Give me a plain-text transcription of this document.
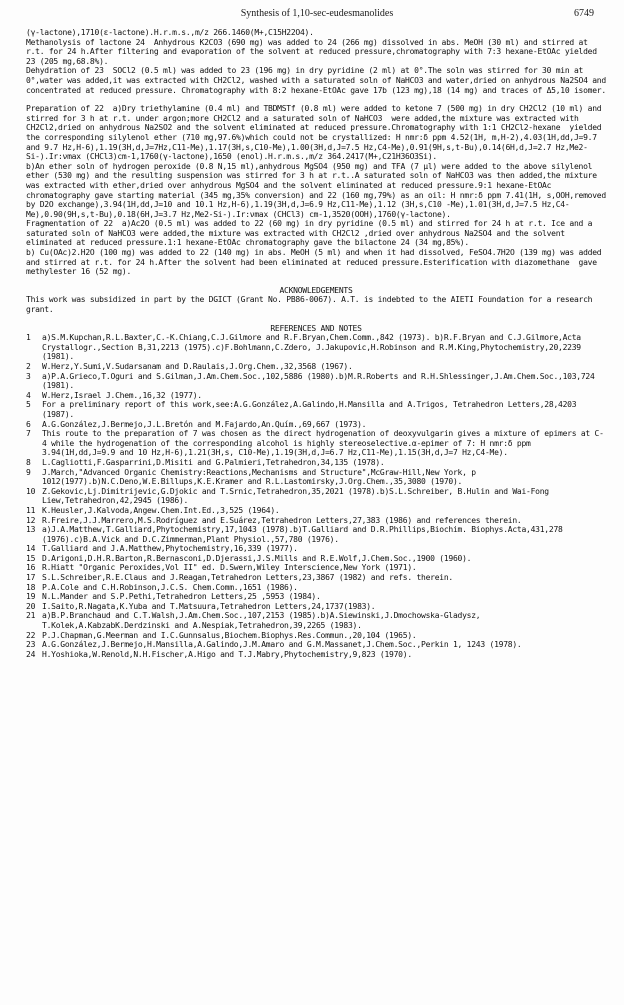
Synthesis of 1,10-sec-eudesmanolides	6749

(γ-lactone),1710(ε-lactone).H.r.m.s.,m/z 266.1460(M+,C15H22O4).

Methanolysis of lactone 24  Anhydrous K2CO3 (690 mg) was added to 24 (266 mg) dissolved in abs. MeOH (30 ml) and stirred at r.t. for 24 h.After filtering and evaporation of the solvent at reduced pressure,chromatography with 7:3 hexane-EtOAc yielded 23 (205 mg,68.8%).

Dehydration of 23  SOCl2 (0.5 ml) was added to 23 (196 mg) in dry pyridine (2 ml) at 0°.The soln was stirred for 30 min at 0°,water was added,it was extracted with CH2Cl2, washed with a saturated soln of NaHCO3 and water,dried on anhydrous Na2SO4 and concentrated at reduced pressure. Chromatography with 8:2 hexane-EtOAc gave 17b (123 mg),18 (14 mg) and traces of Δ5,10 isomer.

Preparation of 22  a)Dry triethylamine (0.4 ml) and TBDMSTf (0.8 ml) were added to ketone 7 (500 mg) in dry CH2Cl2 (10 ml) and stirred for 3 h at r.t. under argon;more CH2Cl2 and a saturated soln of NaHCO3  were added,the mixture was extracted with CH2Cl2,dried on anhydrous Na2SO2 and the solvent eliminated at reduced pressure.Chromatography with 1:1 CH2Cl2-hexane  yielded the corresponding silylenol ether (710 mg,97.6%)which could not be crystallized: H nmr:δ ppm 4.52(1H, m,H-2),4.03(1H,dd,J=9.7 and 9.7 Hz,H-6),1.19(3H,d,J=7Hz,C11-Me),1.17(3H,s,C10-Me),1.00(3H,d,J=7.5 Hz,C4-Me),0.91(9H,s,t-Bu),0.14(6H,d,J=2.7 Hz,Me2-Si-).Ir:νmax (CHCl3)cm-1,1760(γ-lactone),1650 (enol).H.r.m.s.,m/z 364.2417(M+,C21H36O3Si).

b)An ether soln of hydrogen peroxide (0.8 N,15 ml),anhydrous MgSO4 (950 mg) and TFA (7 μl) were added to the above silylenol ether (530 mg) and the resulting suspension was stirred for 3 h at r.t..A saturated soln of NaHCO3 was then added,the mixture was extracted with ether,dried over anhydrous MgSO4 and the solvent eliminated at reduced pressure.9:1 hexane-EtOAc chromatography gave starting material (345 mg,35% conversion) and 22 (160 mg,79%) as an oil: H nmr:δ ppm 7.41(1H, s,OOH,removed by D2O exchange),3.94(1H,dd,J=10 and 10.1 Hz,H-6),1.19(3H,d,J=6.9 Hz,C11-Me),1.12 (3H,s,C10 -Me),1.01(3H,d,J=7.5 Hz,C4-Me),0.90(9H,s,t-Bu),0.18(6H,J=3.7 Hz,Me2-Si-).Ir:νmax (CHCl3) cm-1,3520(OOH),1760(γ-lactone).

Fragmentation of 22  a)Ac2O (0.5 ml) was added to 22 (60 mg) in dry pyridine (0.5 ml) and stirred for 24 h at r.t. Ice and a saturated soln of NaHCO3 were added,the mixture was extracted with CH2Cl2 ,dried over anhydrous Na2SO4 and the solvent eliminated at reduced pressure.1:1 hexane-EtOAc chromatography gave the bilactone 24 (34 mg,85%).

b) Cu(OAc)2.H2O (100 mg) was added to 22 (140 mg) in abs. MeOH (5 ml) and when it had dissolved, FeSO4.7H2O (139 mg) was added and stirred at r.t. for 24 h.After the solvent had been eliminated at reduced pressure.Esterification with diazomethane  gave methylester 16 (52 mg).

ACKNOWLEDGEMENTS

This work was subsidized in part by the DGICT (Grant No. PB86-0067). A.T. is indebted to the AIETI Foundation for a research grant.

REFERENCES AND NOTES

1	a)S.M.Kupchan,R.L.Baxter,C.-K.Chiang,C.J.Gilmore and R.F.Bryan,Chem.Comm.,842 (1973). b)R.F.Bryan and C.J.Gilmore,Acta Crystallogr.,Section B,31,2213 (1975).c)F.Bohlmann,C.Zdero, J.Jakupovic,H.Robinson and R.M.King,Phytochemistry,20,2239 (1981).
2	W.Herz,Y.Sumi,V.Sudarsanam and D.Raulais,J.Org.Chem.,32,3568 (1967).
3	a)P.A.Grieco,T.Oguri and S.Gilman,J.Am.Chem.Soc.,102,5886 (1980).b)M.R.Roberts and R.H.Shlessinger,J.Am.Chem.Soc.,103,724 (1981).
4	W.Herz,Israel J.Chem.,16,32 (1977).
5	For a preliminary report of this work,see:A.G.González,A.Galindo,H.Mansilla and A.Trigos, Tetrahedron Letters,28,4203 (1987).
6	A.G.González,J.Bermejo,J.L.Bretón and M.Fajardo,An.Quím.,69,667 (1973).
7	This route to the preparation of 7 was chosen as the direct hydrogenation of deoxyvulgarin gives a mixture of epimers at C-4 while the hydrogenation of the corresponding alcohol is highly stereoselective.α-epimer of 7: H nmr:δ ppm 3.94(1H,dd,J=9.9 and 10 Hz,H-6),1.21(3H,s, C10-Me),1.19(3H,d,J=6.7 Hz,C11-Me),1.15(3H,d,J=7 Hz,C4-Me).
8	L.Cagliotti,F.Gasparrini,D.Misiti and G.Palmieri,Tetrahedron,34,135 (1978).
9	J.March,"Advanced Organic Chemistry:Reactions,Mechanisms and Structure",McGraw-Hill,New York, p 1012(1977).b)N.C.Deno,W.E.Billups,K.E.Kramer and R.L.Lastomirsky,J.Org.Chem.,35,3080 (1970).
10 Z.Gekovic,Lj.Dimitrijevic,G.Djokic and T.Srnic,Tetrahedron,35,2021 (1978).b)S.L.Schreiber, B.Hulin and Wai-Fong Liew,Tetrahedron,42,2945 (1986).
11 K.Heusler,J.Kalvoda,Angew.Chem.Int.Ed.,3,525 (1964).
12 R.Freire,J.J.Marrero,M.S.Rodríguez and E.Suárez,Tetrahedron Letters,27,383 (1986) and references therein.
13 a)J.A.Matthew,T.Galliard,Phytochemistry,17,1043 (1978).b)T.Galliard and D.R.Phillips,Biochim. Biophys.Acta,431,278 (1976).c)B.A.Vick and D.C.Zimmerman,Plant Physiol.,57,780 (1976).
14 T.Galliard and J.A.Matthew,Phytochemistry,16,339 (1977).
15 D.Arigoni,D.H.R.Barton,R.Bernasconi,D.Djerassi,J.S.Mills and R.E.Wolf,J.Chem.Soc.,1900 (1960).
16 R.Hiatt "Organic Peroxides,Vol II" ed. D.Swern,Wiley Interscience,New York (1971).
17 S.L.Schreiber,R.E.Claus and J.Reagan,Tetrahedron Letters,23,3867 (1982) and refs. therein.
18 P.A.Cole and C.H.Robinson,J.C.S. Chem.Comm.,1651 (1986).
19 N.L.Mander and S.P.Pethi,Tetrahedron Letters,25 ,5953 (1984).
20 I.Saito,R.Nagata,K.Yuba and T.Matsuura,Tetrahedron Letters,24,1737(1983).
21 a)B.P.Branchaud and C.T.Walsh,J.Am.Chem.Soc.,107,2153 (1985).b)A.Siewinski,J.Dmochowska-Gladysz, T.Kolek,A.KabzabK.Derdzinski and A.Nespiak,Tetrahedron,39,2265 (1983).
22 P.J.Chapman,G.Meerman and I.C.Gunnsalus,Biochem.Biophys.Res.Commun.,20,104 (1965).
23 A.G.González,J.Bermejo,H.Mansilla,A.Galindo,J.M.Amaro and G.M.Massanet,J.Chem.Soc.,Perkin 1, 1243 (1978).
24 H.Yoshioka,W.Renold,N.H.Fischer,A.Higo and T.J.Mabry,Phytochemistry,9,823 (1970).
